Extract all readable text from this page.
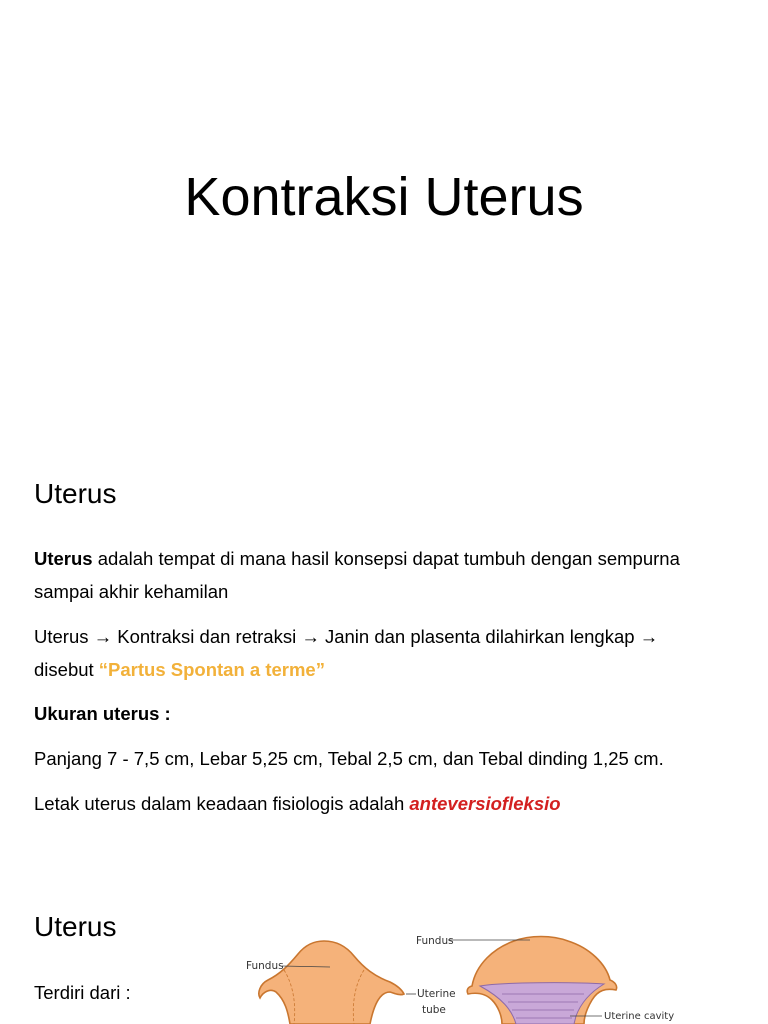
Kontraksi Uterus
Uterus
Uterus adalah tempat di mana hasil konsepsi dapat tumbuh dengan sempurna
sampai akhir kehamilan
Uterus → Kontraksi dan retraksi → Janin dan plasenta dilahirkan lengkap →
disebut “Partus Spontan a terme”
Ukuran uterus :
Panjang 7 - 7,5 cm, Lebar 5,25 cm, Tebal 2,5 cm, dan Tebal dinding 1,25 cm.
Letak uterus dalam keadaan fisiologis adalah anteversiofleksio
Uterus
Terdiri dari :
Fundus
Fundus
Uterine
tube
Uterine cavity
